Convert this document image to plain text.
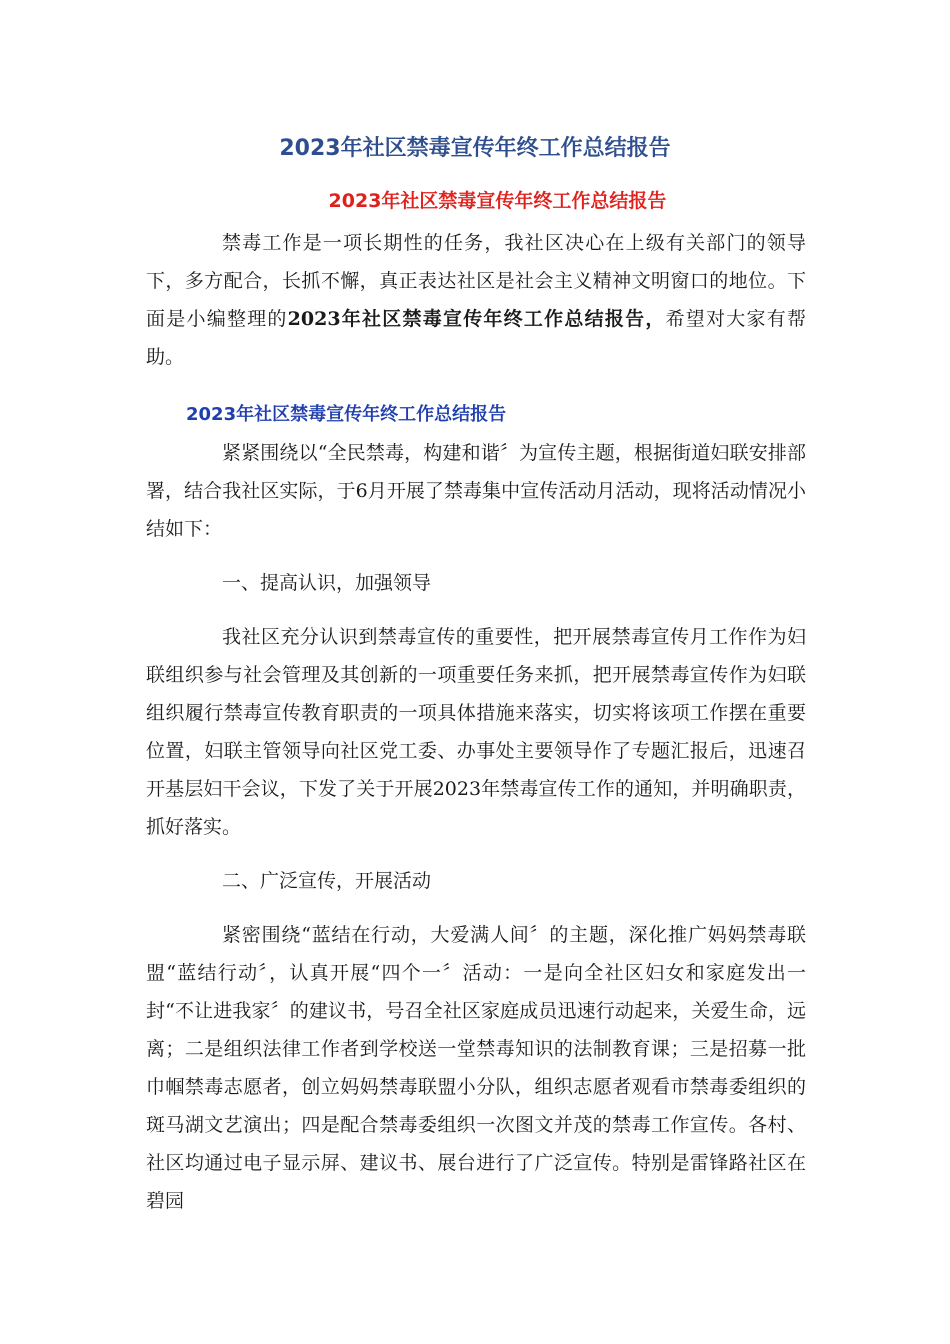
2023年社区禁毒宣传年终工作总结报告
2023年社区禁毒宣传年终工作总结报告

禁毒工作是一项长期性的任务，我社区决心在上级有关部门的领导下，多方配合，长抓不懈，真正表达社区是社会主义精神文明窗口的地位。下面是小编整理的2023年社区禁毒宣传年终工作总结报告，希望对大家有帮助。

2023年社区禁毒宣传年终工作总结报告

紧紧围绕以“全民禁毒，构建和谐〞为宣传主题，根据街道妇联安排部署，结合我社区实际，于6月开展了禁毒集中宣传活动月活动，现将活动情况小结如下：

一、提高认识，加强领导

我社区充分认识到禁毒宣传的重要性，把开展禁毒宣传月工作作为妇联组织参与社会管理及其创新的一项重要任务来抓，把开展禁毒宣传作为妇联组织履行禁毒宣传教育职责的一项具体措施来落实，切实将该项工作摆在重要位置，妇联主管领导向社区党工委、办事处主要领导作了专题汇报后，迅速召开基层妇干会议，下发了关于开展2023年禁毒宣传工作的通知，并明确职责，抓好落实。

二、广泛宣传，开展活动

紧密围绕“蓝结在行动，大爱满人间〞的主题，深化推广妈妈禁毒联盟“蓝结行动〞，认真开展“四个一〞活动：一是向全社区妇女和家庭发出一封“不让进我家〞的建议书，号召全社区家庭成员迅速行动起来，关爱生命，远离；二是组织法律工作者到学校送一堂禁毒知识的法制教育课；三是招募一批巾帼禁毒志愿者，创立妈妈禁毒联盟小分队，组织志愿者观看市禁毒委组织的斑马湖文艺演出；四是配合禁毒委组织一次图文并茂的禁毒工作宣传。各村、社区均通过电子显示屏、建议书、展台进行了广泛宣传。特别是雷锋路社区在碧园
